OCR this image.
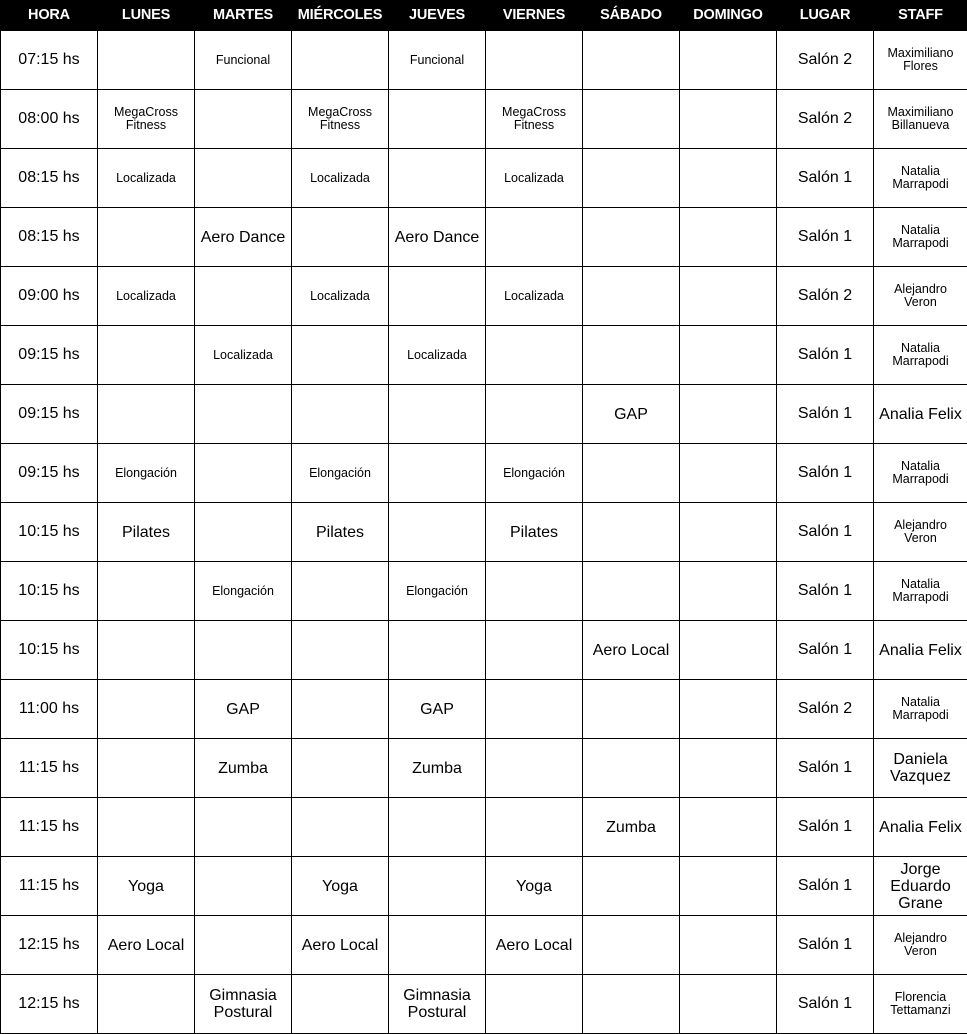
HORA	LUNES	MARTES	MIÉRCOLES	JUEVES	VIERNES	SÁBADO	DOMINGO	LUGAR	STAFF
07:15 hs		Funcional		Funcional				Salón 2	Maximiliano
Flores
08:00 hs	MegaCross
Fitness		MegaCross
Fitness		MegaCross
Fitness			Salón 2	Maximiliano
Billanueva
08:15 hs	Localizada		Localizada		Localizada			Salón 1	Natalia
Marrapodi
08:15 hs		Aero Dance		Aero Dance				Salón 1	Natalia
Marrapodi
09:00 hs	Localizada		Localizada		Localizada			Salón 2	Alejandro
Veron
09:15 hs		Localizada		Localizada				Salón 1	Natalia
Marrapodi
09:15 hs						GAP		Salón 1	Analia Felix
09:15 hs	Elongación		Elongación		Elongación			Salón 1	Natalia
Marrapodi
10:15 hs	Pilates		Pilates		Pilates			Salón 1	Alejandro
Veron
10:15 hs		Elongación		Elongación				Salón 1	Natalia
Marrapodi
10:15 hs						Aero Local		Salón 1	Analia Felix
11:00 hs		GAP		GAP				Salón 2	Natalia
Marrapodi
11:15 hs		Zumba		Zumba				Salón 1	Daniela
Vazquez
11:15 hs						Zumba		Salón 1	Analia Felix
11:15 hs	Yoga		Yoga		Yoga			Salón 1	Jorge
Eduardo
Grane
12:15 hs	Aero Local		Aero Local		Aero Local			Salón 1	Alejandro
Veron
12:15 hs		Gimnasia
Postural		Gimnasia
Postural				Salón 1	Florencia
Tettamanzi
